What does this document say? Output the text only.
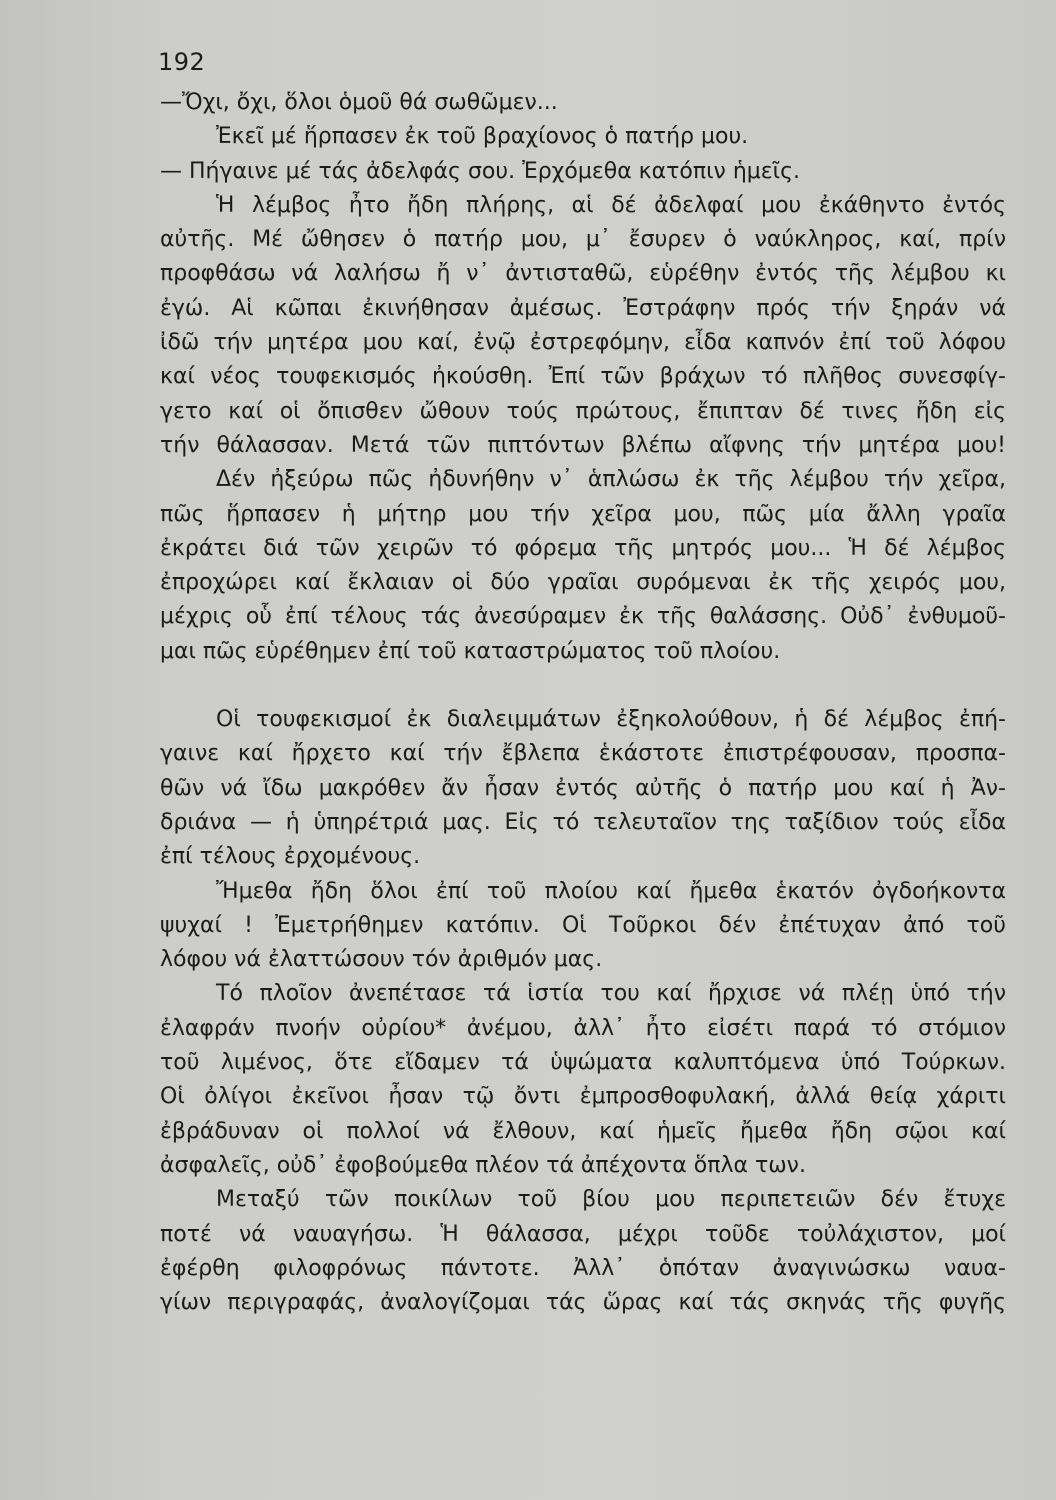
192
—Ὄχι, ὄχι, ὅλοι ὁμοῦ θά σωθῶμεν...
Ἐκεῖ μέ ἥρπασεν ἐκ τοῦ βραχίονος ὁ πατήρ μου.
— Πήγαινε μέ τάς ἀδελφάς σου. Ἐρχόμεθα κατόπιν ἡμεῖς.
Ἡ λέμβος ἦτο ἤδη πλήρης, αἱ δέ ἀδελφαί μου ἐκάθηντο ἐντός
αὐτῆς. Μέ ὤθησεν ὁ πατήρ μου, μ᾽ ἔσυρεν ὁ ναύκληρος, καί, πρίν
προφθάσω νά λαλήσω ἤ ν᾽ ἀντισταθῶ, εὑρέθην ἐντός τῆς λέμβου κι
ἐγώ. Αἱ κῶπαι ἐκινήθησαν ἀμέσως. Ἐστράφην πρός τήν ξηράν νά
ἰδῶ τήν μητέρα μου καί, ἐνῷ ἐστρεφόμην, εἶδα καπνόν ἐπί τοῦ λόφου
καί νέος τουφεκισμός ἠκούσθη. Ἐπί τῶν βράχων τό πλῆθος συνεσφίγ-
γετο καί οἱ ὄπισθεν ὤθουν τούς πρώτους, ἔπιπταν δέ τινες ἤδη εἰς
τήν θάλασσαν. Μετά τῶν πιπτόντων βλέπω αἴφνης τήν μητέρα μου!
Δέν ἠξεύρω πῶς ἠδυνήθην ν᾽ ἁπλώσω ἐκ τῆς λέμβου τήν χεῖρα,
πῶς ἥρπασεν ἡ μήτηρ μου τήν χεῖρα μου, πῶς μία ἄλλη γραῖα
ἐκράτει διά τῶν χειρῶν τό φόρεμα τῆς μητρός μου... Ἡ δέ λέμβος
ἐπροχώρει καί ἔκλαιαν οἱ δύο γραῖαι συρόμεναι ἐκ τῆς χειρός μου,
μέχρις οὗ ἐπί τέλους τάς ἀνεσύραμεν ἐκ τῆς θαλάσσης. Οὐδ᾽ ἐνθυμοῦ-
μαι πῶς εὑρέθημεν ἐπί τοῦ καταστρώματος τοῦ πλοίου.
Οἱ τουφεκισμοί ἐκ διαλειμμάτων ἐξηκολούθουν, ἡ δέ λέμβος ἐπή-
γαινε καί ἤρχετο καί τήν ἔβλεπα ἑκάστοτε ἐπιστρέφουσαν, προσπα-
θῶν νά ἴδω μακρόθεν ἄν ἦσαν ἐντός αὐτῆς ὁ πατήρ μου καί ἡ Ἀν-
δριάνα — ἡ ὑπηρέτριά μας. Εἰς τό τελευταῖον της ταξίδιον τούς εἶδα
ἐπί τέλους ἐρχομένους.
Ἤμεθα ἤδη ὅλοι ἐπί τοῦ πλοίου καί ἤμεθα ἑκατόν ὀγδοήκοντα
ψυχαί ! Ἐμετρήθημεν κατόπιν. Οἱ Τοῦρκοι δέν ἐπέτυχαν ἀπό τοῦ
λόφου νά ἐλαττώσουν τόν ἀριθμόν μας.
Τό πλοῖον ἀνεπέτασε τά ἱστία του καί ἤρχισε νά πλέῃ ὑπό τήν
ἐλαφράν πνοήν οὐρίου* ἀνέμου, ἀλλ᾽ ἦτο εἰσέτι παρά τό στόμιον
τοῦ λιμένος, ὅτε εἴδαμεν τά ὑψώματα καλυπτόμενα ὑπό Τούρκων.
Οἱ ὀλίγοι ἐκεῖνοι ἦσαν τῷ ὄντι ἐμπροσθοφυλακή, ἀλλά θείᾳ χάριτι
ἐβράδυναν οἱ πολλοί νά ἔλθουν, καί ἡμεῖς ἤμεθα ἤδη σῷοι καί
ἀσφαλεῖς, οὐδ᾽ ἐφοβούμεθα πλέον τά ἀπέχοντα ὅπλα των.
Μεταξύ τῶν ποικίλων τοῦ βίου μου περιπετειῶν δέν ἔτυχε
ποτέ νά ναυαγήσω. Ἡ θάλασσα, μέχρι τοῦδε τοὐλάχιστον, μοί
ἐφέρθη φιλοφρόνως πάντοτε. Ἀλλ᾽ ὁπόταν ἀναγινώσκω ναυα-
γίων περιγραφάς, ἀναλογίζομαι τάς ὥρας καί τάς σκηνάς τῆς φυγῆς
